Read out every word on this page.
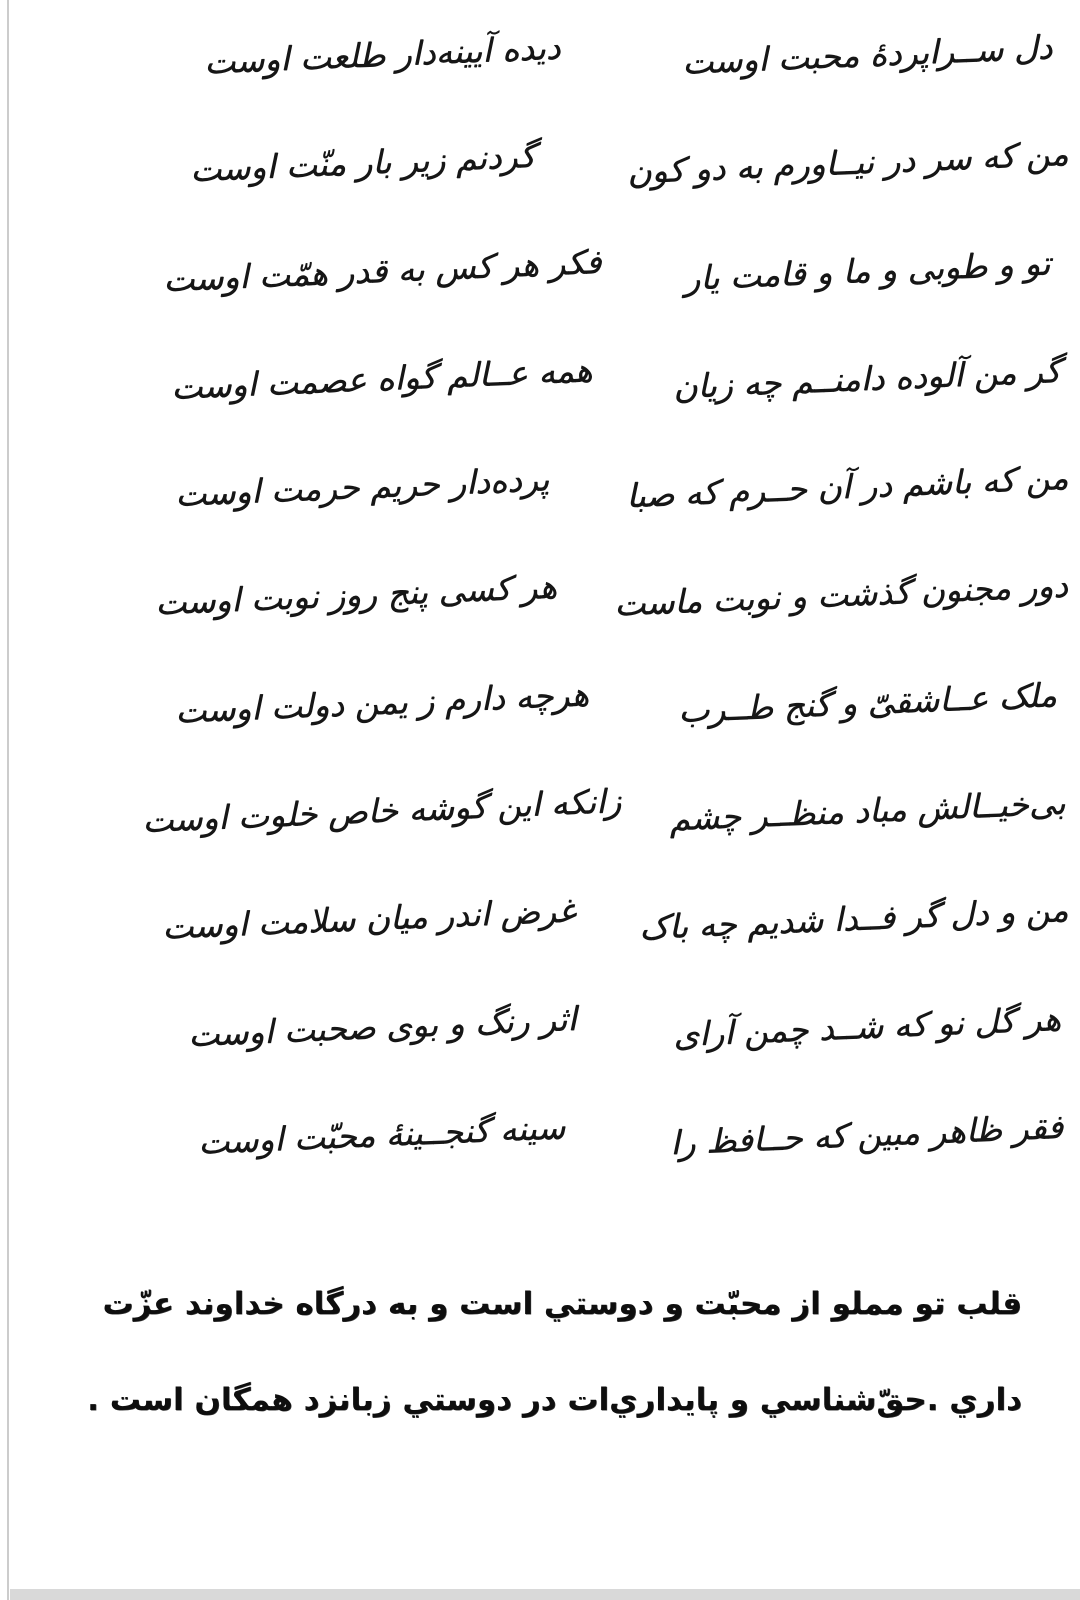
دیده آیینه‌دار طلعت اوست	دل ســراپردهٔ محبت اوست
گردنم زیر بار منّت اوست	من که سر در نیــاورم به دو کون
فکر هر کس به قدر همّت اوست	تو و طوبی و ما و قامت یار
همه عــالم گواه عصمت اوست	گر من آلوده دامنــم چه زیان
پرده‌دار حریم حرمت اوست	من که باشم در آن حــرم که صبا
هر کسی پنج روز نوبت اوست	دور مجنون گذشت و نوبت ماست
هرچه دارم ز یمن دولت اوست	ملک عــاشقیّ و گنج طــرب
زانکه این گوشه خاص خلوت اوست	بی‌خیــالش مباد منظــر چشم
غرض اندر میان سلامت اوست	من و دل گر فــدا شدیم چه باک
اثر رنگ و بوی صحبت اوست	هر گل نو که شــد چمن آرای
سینه گنجــینهٔ محبّت اوست	فقر ظاهر مبین که حــافظ را
قلب تو مملو از محبّت و دوستي است و به درگاه خداوند عزّت
داري .حقّ‌شناسي و پايداري‌ات در دوستي زبانزد همگان است .
